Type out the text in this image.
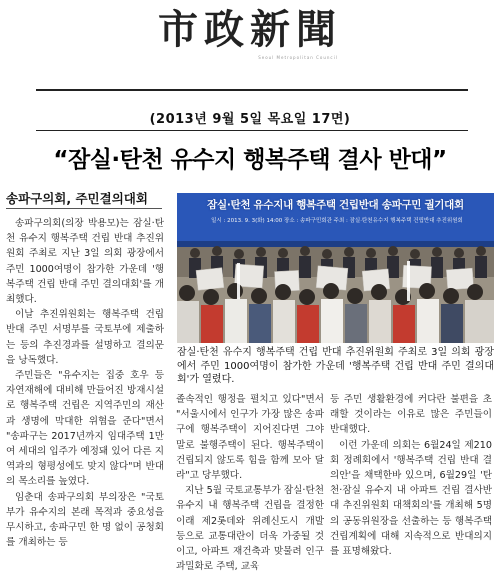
市政新聞
Seoul Metropolitan Council
(2013년 9월 5일 목요일 17면)
“잠실·탄천 유수지 행복주택 결사 반대”
송파구의회, 주민결의대회

송파구의회(의장 박용모)는 잠실·탄천 유수지 행복주택 건립 반대 추진위원회 주최로 지난 3일 의회 광장에서 주민 1000여명이 참가한 가운데 '행복주택 건립 반대 주민 결의대회'를 개최했다.

이날 추진위원회는 행복주택 건립 반대 주민 서명부를 국토부에 제출하는 등의 추진경과를 설명하고 결의문을 낭독했다.

주민들은 "유수지는 집중 호우 등 자연재해에 대비해 만들어진 방재시설로 행복주택 건립은 지역주민의 재산과 생명에 막대한 위협을 준다"면서 "송파구는 2017년까지 임대주택 1만여 세대의 입주가 예정돼 있어 다른 지역과의 형평성에도 맞지 않다"며 반대의 목소리를 높였다.

임춘대 송파구의회 부의장은 "국토부가 유수지의 본래 목적과 중요성을 무시하고, 송파구민 한 명 없이 공청회를 개최하는 등

잠실·탄천 유수지내 행복주택 건립반대 송파구민 궐기대회
일시 : 2013. 9. 3(화) 14:00 장소 : 송파구민회관 주최 : 잠실·탄천유수지 행복주택 건립반대 추진위원회
잠실·탄천 유수지 행복주택 건립 반대 추진위원회 주최로 3일 의회 광장에서 주민 1000여명이 참가한 가운데 '행복주택 건립 반대 주민 결의대회'가 열렸다.

졸속적인 행정을 펼치고 있다"면서 "서울시에서 인구가 가장 많은 송파구에 행복주택이 지어진다면 그야말로 불행주택이 된다. 행복주택이 건립되지 않도록 힘을 함께 모아 달라"고 당부했다.

지난 5월 국토교통부가 잠실·탄천 유수지 내 행복주택 건립을 결정한 이래 제2롯데와 위례신도시 개발 등으로 교통대란이 더욱 가중될 것이고, 아파트 재건축과 맞물려 인구 과밀화로 주택, 교육

등 주민 생활환경에 커다란 불편을 초래할 것이라는 이유로 많은 주민들이 반대했다.

이런 가운데 의회는 6월24일 제210회 정례회에서 '행복주택 건립 반대 결의안'을 채택한바 있으며, 6월29일 '탄천·잠실 유수지 내 아파트 건립 결사반대 추진위원회 대책회의'를 개최해 5명의 공동위원장을 선출하는 등 행복주택 건립계획에 대해 지속적으로 반대의지를 표명해왔다.
